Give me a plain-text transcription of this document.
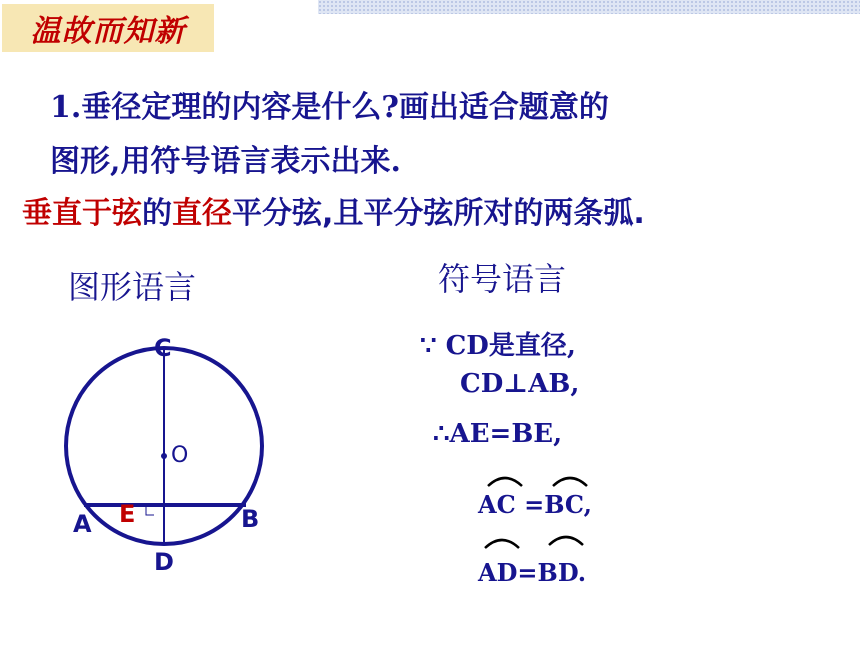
温故而知新
1.垂径定理的内容是什么?画出适合题意的
图形,用符号语言表示出来.
垂直于弦的直径平分弦,且平分弦所对的两条弧.
图形语言	符号语言
C
O
E
A	B
D
∵ CD是直径,
CD⊥AB,
∴AE=BE,
AC =BC,
AD=BD.
